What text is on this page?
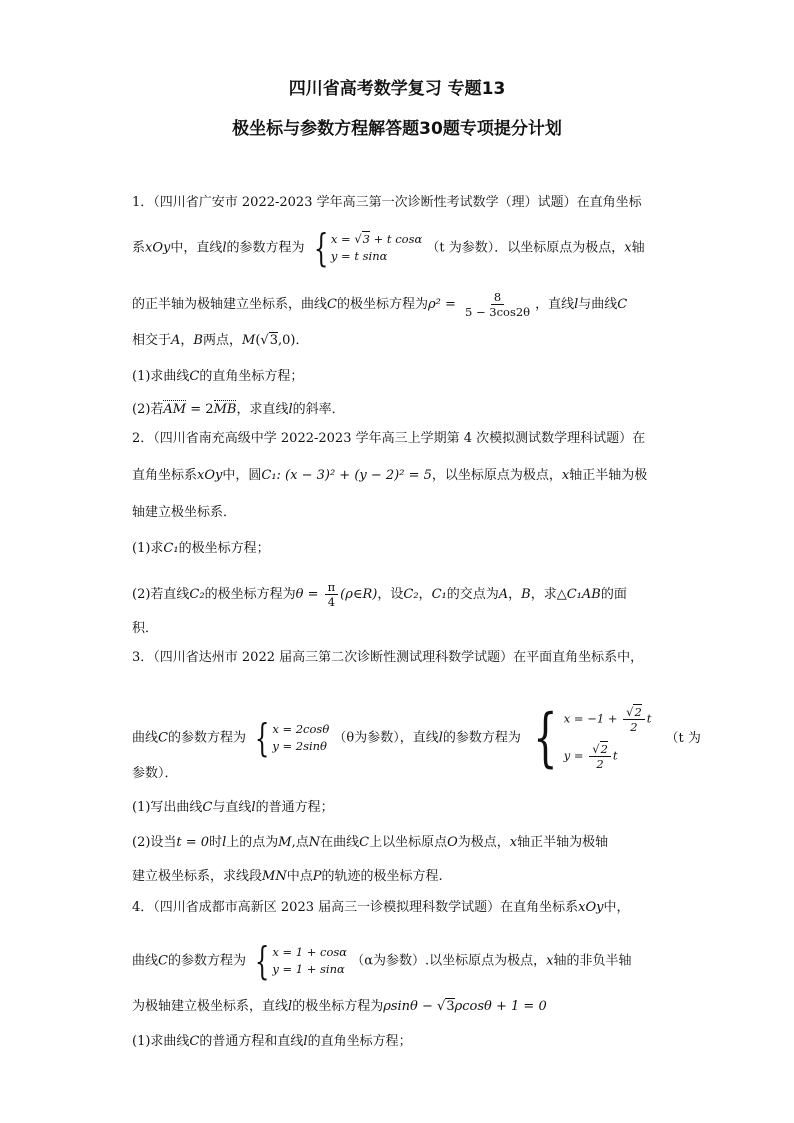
四川省高考数学复习 专题13
极坐标与参数方程解答题30题专项提分计划
1．（四川省广安市 2022-2023 学年高三第一次诊断性考试数学（理）试题）在直角坐标
系xOy中，直线l的参数方程为 { x = √3 + t cosα
y = t sinα
（t 为参数）．以坐标原点为极点，x轴
的正半轴为极轴建立坐标系，曲线C的极坐标方程为$\rho^2 = \frac{8}{5 - 3\cos 2\theta}$ ，直线l与曲线C
相交于A，B两点，M(√3,0)．
(1)求曲线C的直角坐标方程；
(2)若AM = 2MB，求直线l的斜率．
2．（四川省南充高级中学 2022-2023 学年高三上学期第 4 次模拟测试数学理科试题）在
直角坐标系xOy中，圆C₁: (x − 3)² + (y − 2)² = 5，以坐标原点为极点，x轴正半轴为极
轴建立极坐标系．
(1)求C₁的极坐标方程；
(2)若直线C₂的极坐标方程为$\theta = \frac{\pi}{4}$ (ρ∈R)，设C₂，C₁的交点为A，B，求△C₁AB的面
积．
3．（四川省达州市 2022 届高三第二次诊断性测试理科数学试题）在平面直角坐标系中，
曲线C的参数方程为 { x = 2cosθ
y = 2sinθ
（θ为参数），直线l的参数方程为 { $x = -1 + \frac{√2}{2}$ t
$y = \frac{√2}{2}$ t
（t 为
参数）．
(1)写出曲线C与直线l的普通方程；
(2)设当t = 0时l上的点为M,点N在曲线C上以坐标原点O为极点，x轴正半轴为极轴
建立极坐标系，求线段MN中点P的轨迹的极坐标方程.
4．（四川省成都市高新区 2023 届高三一诊模拟理科数学试题）在直角坐标系xOy中，
曲线C的参数方程为 { x = 1 + cosα
y = 1 + sinα
（α为参数）.以坐标原点为极点，x轴的非负半轴
为极轴建立极坐标系，直线l的极坐标方程为ρsinθ − √3ρcosθ + 1 = 0
(1)求曲线C的普通方程和直线l的直角坐标方程；
